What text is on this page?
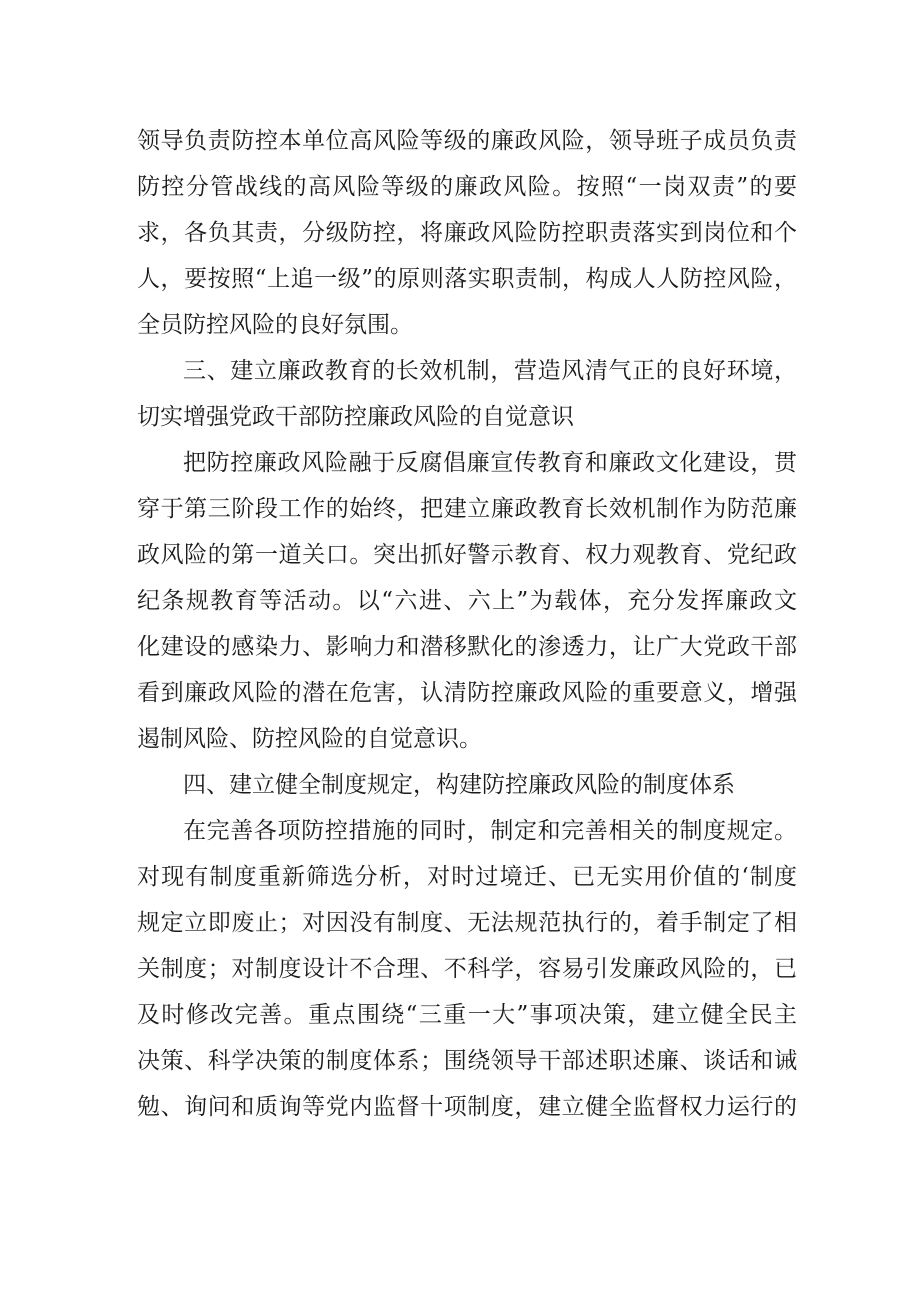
领导负责防控本单位高风险等级的廉政风险，领导班子成员负责
防控分管战线的高风险等级的廉政风险。按照“一岗双责”的要
求，各负其责，分级防控，将廉政风险防控职责落实到岗位和个
人，要按照“上追一级”的原则落实职责制，构成人人防控风险，
全员防控风险的良好氛围。
三、建立廉政教育的长效机制，营造风清气正的良好环境，
切实增强党政干部防控廉政风险的自觉意识
把防控廉政风险融于反腐倡廉宣传教育和廉政文化建设，贯
穿于第三阶段工作的始终，把建立廉政教育长效机制作为防范廉
政风险的第一道关口。突出抓好警示教育、权力观教育、党纪政
纪条规教育等活动。以“六进、六上”为载体，充分发挥廉政文
化建设的感染力、影响力和潜移默化的渗透力，让广大党政干部
看到廉政风险的潜在危害，认清防控廉政风险的重要意义，增强
遏制风险、防控风险的自觉意识。
四、建立健全制度规定，构建防控廉政风险的制度体系
在完善各项防控措施的同时，制定和完善相关的制度规定。
对现有制度重新筛选分析，对时过境迁、已无实用价值的‘制度
规定立即废止；对因没有制度、无法规范执行的，着手制定了相
关制度；对制度设计不合理、不科学，容易引发廉政风险的，已
及时修改完善。重点围绕“三重一大”事项决策，建立健全民主
决策、科学决策的制度体系；围绕领导干部述职述廉、谈话和诫
勉、询问和质询等党内监督十项制度，建立健全监督权力运行的
